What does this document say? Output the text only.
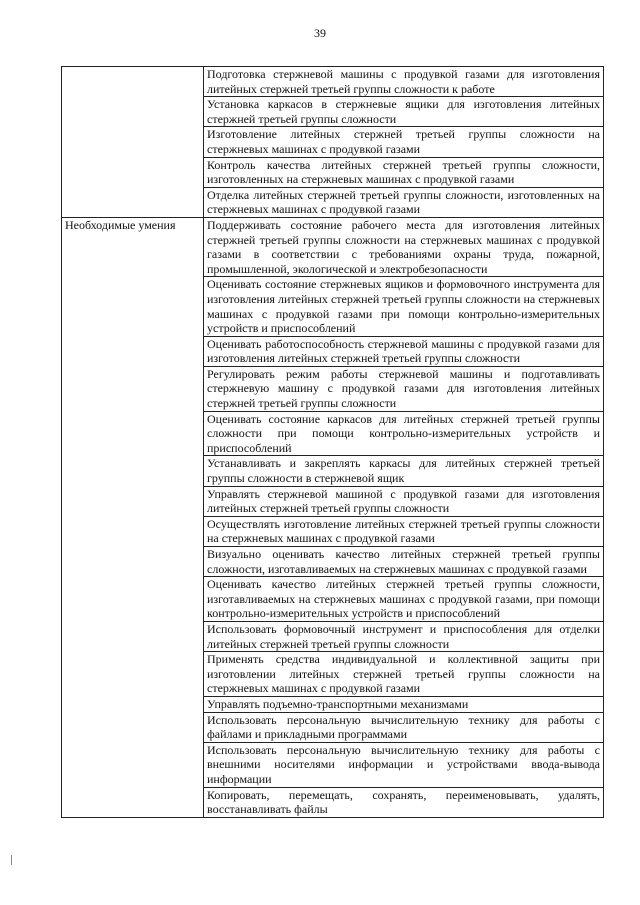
39
	Подготовка стержневой машины с продувкой газами для изготовления литейных стержней третьей группы сложности к работе
	Установка каркасов в стержневые ящики для изготовления литейных стержней третьей группы сложности
	Изготовление литейных стержней третьей группы сложности на стержневых машинах с продувкой газами
	Контроль качества литейных стержней третьей группы сложности, изготовленных на стержневых машинах с продувкой газами
	Отделка литейных стержней третьей группы сложности, изготовленных на стержневых машинах с продувкой газами
Необходимые умения	Поддерживать состояние рабочего места для изготовления литейных стержней третьей группы сложности на стержневых машинах с продувкой газами в соответствии с требованиями охраны труда, пожарной, промышленной, экологической и электробезопасности
	Оценивать состояние стержневых ящиков и формовочного инструмента для изготовления литейных стержней третьей группы сложности на стержневых машинах с продувкой газами при помощи контрольно-измерительных устройств и приспособлений
	Оценивать работоспособность стержневой машины с продувкой газами для изготовления литейных стержней третьей группы сложности
	Регулировать режим работы стержневой машины и подготавливать стержневую машину с продувкой газами для изготовления литейных стержней третьей группы сложности
	Оценивать состояние каркасов для литейных стержней третьей группы сложности при помощи контрольно-измерительных устройств и приспособлений
	Устанавливать и закреплять каркасы для литейных стержней третьей группы сложности в стержневой ящик
	Управлять стержневой машиной с продувкой газами для изготовления литейных стержней третьей группы сложности
	Осуществлять изготовление литейных стержней третьей группы сложности на стержневых машинах с продувкой газами
	Визуально оценивать качество литейных стержней третьей группы сложности, изготавливаемых на стержневых машинах с продувкой газами
	Оценивать качество литейных стержней третьей группы сложности, изготавливаемых на стержневых машинах с продувкой газами, при помощи контрольно-измерительных устройств и приспособлений
	Использовать формовочный инструмент и приспособления для отделки литейных стержней третьей группы сложности
	Применять средства индивидуальной и коллективной защиты при изготовлении литейных стержней третьей группы сложности на стержневых машинах с продувкой газами
	Управлять подъемно-транспортными механизмами
	Использовать персональную вычислительную технику для работы с файлами и прикладными программами
	Использовать персональную вычислительную технику для работы с внешними носителями информации и устройствами ввода-вывода информации
	Копировать, перемещать, сохранять, переименовывать, удалять, восстанавливать файлы
